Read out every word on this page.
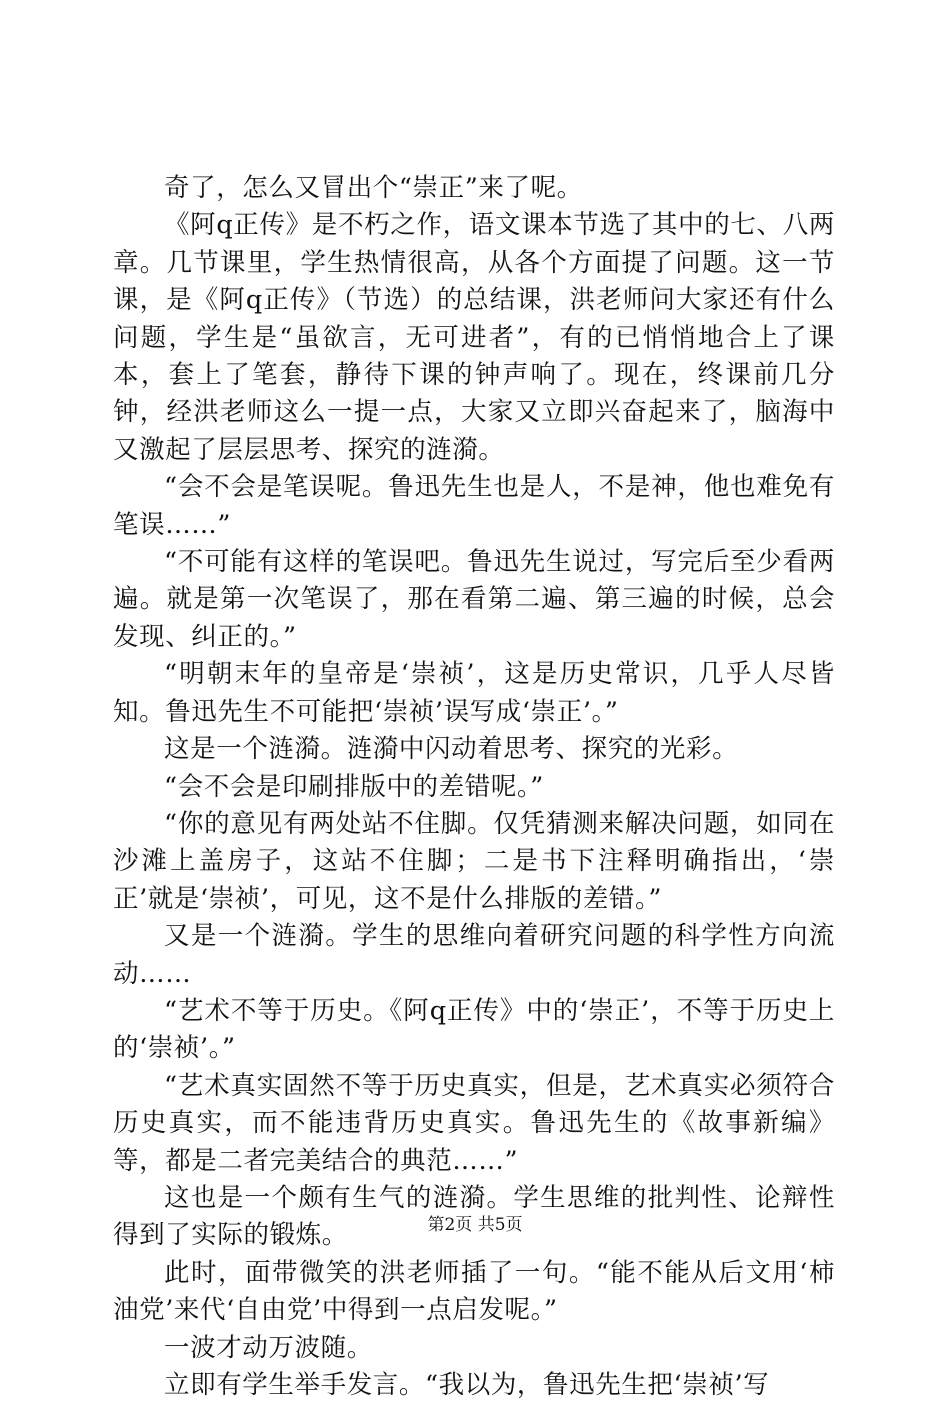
奇了，怎么又冒出个“崇正”来了呢。

《阿q正传》是不朽之作，语文课本节选了其中的七、八两章。几节课里，学生热情很高，从各个方面提了问题。这一节课，是《阿q正传》（节选）的总结课，洪老师问大家还有什么问题，学生是“虽欲言，无可进者”，有的已悄悄地合上了课本，套上了笔套，静待下课的钟声响了。现在，终课前几分钟，经洪老师这么一提一点，大家又立即兴奋起来了，脑海中又激起了层层思考、探究的涟漪。

“会不会是笔误呢。鲁迅先生也是人，不是神，他也难免有笔误……”

“不可能有这样的笔误吧。鲁迅先生说过，写完后至少看两遍。就是第一次笔误了，那在看第二遍、第三遍的时候，总会发现、纠正的。”

“明朝末年的皇帝是‘崇祯’，这是历史常识，几乎人尽皆知。鲁迅先生不可能把‘崇祯’误写成‘崇正’。”

这是一个涟漪。涟漪中闪动着思考、探究的光彩。

“会不会是印刷排版中的差错呢。”

“你的意见有两处站不住脚。仅凭猜测来解决问题，如同在沙滩上盖房子，这站不住脚；二是书下注释明确指出，‘崇正’就是‘崇祯’，可见，这不是什么排版的差错。”

又是一个涟漪。学生的思维向着研究问题的科学性方向流动……

“艺术不等于历史。《阿q正传》中的‘崇正’，不等于历史上的‘崇祯’。”

“艺术真实固然不等于历史真实，但是，艺术真实必须符合历史真实，而不能违背历史真实。鲁迅先生的《故事新编》等，都是二者完美结合的典范……”

这也是一个颇有生气的涟漪。学生思维的批判性、论辩性得到了实际的锻炼。

此时，面带微笑的洪老师插了一句。“能不能从后文用‘柿油党’来代‘自由党’中得到一点启发呢。”

一波才动万波随。

立即有学生举手发言。“我以为，鲁迅先生把‘崇祯’写

第2页 共5页
